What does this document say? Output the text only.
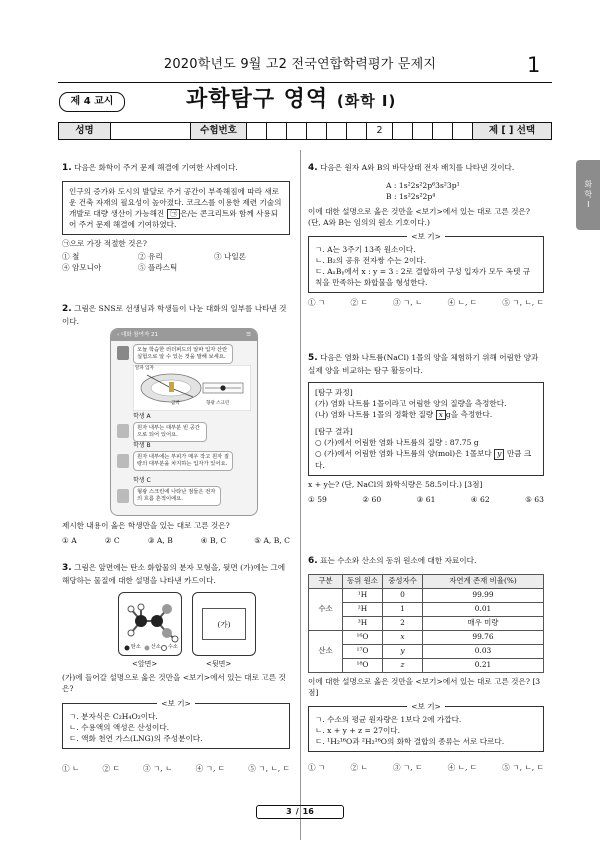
2020학년도 9월 고2 전국연합학력평가 문제지	1
제 4 교시	과학탐구 영역 (화학 Ⅰ)
성명	수험번호	2	제 [ ] 선택
화학Ⅰ
1. 다음은 화학이 주거 문제 해결에 기여한 사례이다.
인구의 증가와 도시의 발달로 주거 공간이 부족해짐에 따라 새로운 건축 자재의 필요성이 높아졌다. 코크스를 이용한 제련 기술의 개발로 대량 생산이 가능해진 ㉠ 은/는 콘크리트와 함께 사용되어 주거 문제 해결에 기여하였다.
㉠으로 가장 적절한 것은?
① 철	② 유리	③ 나일론
④ 암모니아	⑤ 플라스틱
2. 그림은 SNS로 선생님과 학생들이 나눈 대화의 일부를 나타낸 것이다.
‹ 대화 참여자 21	☰
오늘 학습한 러더퍼드의 알파 입자 산란 실험으로 알 수 있는 것을 말해 보세요.
알파 입자
금박	형광 스크린
학생 A
원자 내부는 대부분 빈 공간으로 되어 있어요.
학생 B
원자 내부에는 부피가 매우 작고 원자 질량의 대부분을 차지하는 입자가 있어요.
학생 C
형광 스크린에 나타난 점들은 전자의 흐름 흔적이에요.
제시한 내용이 옳은 학생만을 있는 대로 고른 것은?
① A	② C	③ A, B	④ B, C	⑤ A, B, C
3. 그림은 앞면에는 탄소 화합물의 분자 모형을, 뒷면 (가)에는 그에 해당하는 물질에 대한 설명을 나타낸 카드이다.
탄소 산소 수소
(가)
<앞면>	<뒷면>
(가)에 들어갈 설명으로 옳은 것만을 <보기>에서 있는 대로 고른 것은?
<보 기>
ㄱ. 분자식은 C₂H₄O₂이다.
ㄴ. 수용액의 액성은 산성이다.
ㄷ. 액화 천연 가스(LNG)의 주성분이다.
① ㄴ	② ㄷ	③ ㄱ, ㄴ	④ ㄱ, ㄷ	⑤ ㄱ, ㄴ, ㄷ
4. 다음은 원자 A와 B의 바닥상태 전자 배치를 나타낸 것이다.
A : 1s²2s²2p⁶3s²3p¹
B : 1s²2s²2p⁴
이에 대한 설명으로 옳은 것만을 <보기>에서 있는 대로 고른 것은? (단, A와 B는 임의의 원소 기호이다.)
<보 기>
ㄱ. A는 3주기 13족 원소이다.
ㄴ. B₂의 공유 전자쌍 수는 2이다.
ㄷ. AₓBᵧ에서 x : y = 3 : 2로 결합하여 구성 입자가 모두 옥텟 규칙을 만족하는 화합물을 형성한다.
① ㄱ	② ㄷ	③ ㄱ, ㄴ	④ ㄴ, ㄷ	⑤ ㄱ, ㄴ, ㄷ
5. 다음은 염화 나트륨(NaCl) 1몰의 양을 체험하기 위해 어림한 양과 실제 양을 비교하는 탐구 활동이다.
[탐구 과정]
(가) 염화 나트륨 1몰이라고 어림한 양의 질량을 측정한다.
(나) 염화 나트륨 1몰의 정확한 질량 x g을 측정한다.
[탐구 결과]
○ (가)에서 어림한 염화 나트륨의 질량 : 87.75 g
○ (가)에서 어림한 염화 나트륨의 양(mol)은 1몰보다 y 만큼 크다.
x + y는? (단, NaCl의 화학식량은 58.5이다.) [3점]
① 59	② 60	③ 61	④ 62	⑤ 63
6. 표는 수소와 산소의 동위 원소에 대한 자료이다.
구분	동위 원소	중성자수	자연계 존재 비율(%)
수소	¹H	0	99.99
	²H	1	0.01
	³H	2	매우 미량
산소	¹⁶O	x	99.76
	¹⁷O	y	0.03
	¹⁸O	z	0.21
이에 대한 설명으로 옳은 것만을 <보기>에서 있는 대로 고른 것은? [3점]
<보 기>
ㄱ. 수소의 평균 원자량은 1보다 2에 가깝다.
ㄴ. x + y + z = 27이다.
ㄷ. ¹H₂¹⁶O과 ²H₂¹⁶O의 화학 결합의 종류는 서로 다르다.
① ㄱ	② ㄴ	③ ㄱ, ㄷ	④ ㄴ, ㄷ	⑤ ㄱ, ㄴ, ㄷ
3 / 16
